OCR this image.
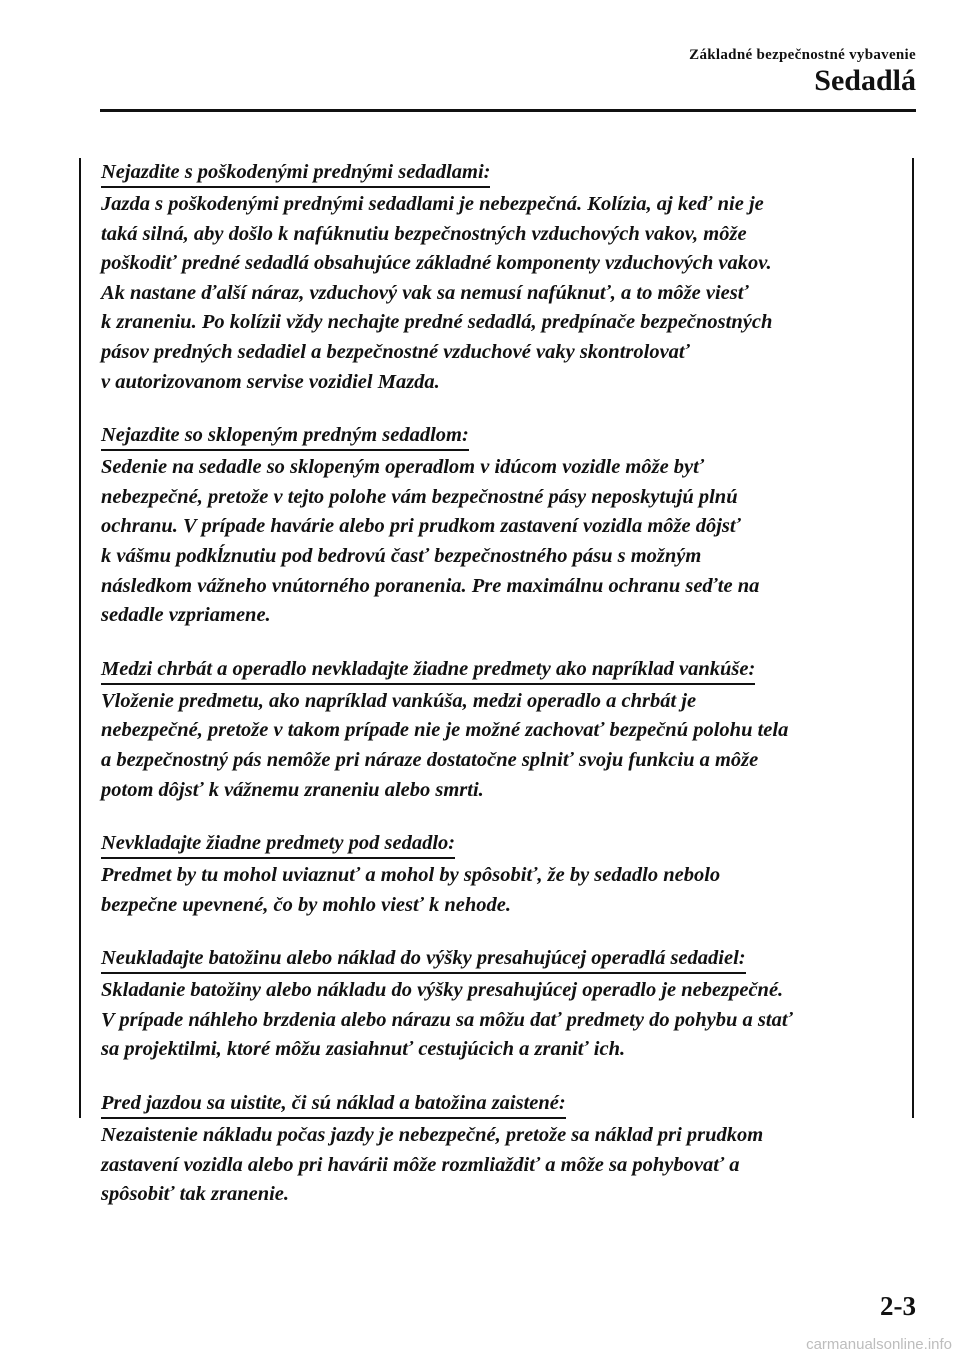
Základné bezpečnostné vybavenie
Sedadlá
Nejazdite s poškodenými prednými sedadlami:

Jazda s poškodenými prednými sedadlami je nebezpečná. Kolízia, aj keď nie je
taká silná, aby došlo k nafúknutiu bezpečnostných vzduchových vakov, môže
poškodiť predné sedadlá obsahujúce základné komponenty vzduchových vakov.
Ak nastane ďalší náraz, vzduchový vak sa nemusí nafúknuť, a to môže viesť
k zraneniu. Po kolízii vždy nechajte predné sedadlá, predpínače bezpečnostných
pásov predných sedadiel a bezpečnostné vzduchové vaky skontrolovať
v autorizovanom servise vozidiel Mazda.

Nejazdite so sklopeným predným sedadlom:

Sedenie na sedadle so sklopeným operadlom v idúcom vozidle môže byť
nebezpečné, pretože v tejto polohe vám bezpečnostné pásy neposkytujú plnú
ochranu. V prípade havárie alebo pri prudkom zastavení vozidla môže dôjsť
k vášmu podkĺznutiu pod bedrovú časť bezpečnostného pásu s možným
následkom vážneho vnútorného poranenia. Pre maximálnu ochranu seďte na
sedadle vzpriamene.

Medzi chrbát a operadlo nevkladajte žiadne predmety ako napríklad vankúše:

Vloženie predmetu, ako napríklad vankúša, medzi operadlo a chrbát je
nebezpečné, pretože v takom prípade nie je možné zachovať bezpečnú polohu tela
a bezpečnostný pás nemôže pri náraze dostatočne splniť svoju funkciu a môže
potom dôjsť k vážnemu zraneniu alebo smrti.

Nevkladajte žiadne predmety pod sedadlo:

Predmet by tu mohol uviaznuť a mohol by spôsobiť, že by sedadlo nebolo
bezpečne upevnené, čo by mohlo viesť k nehode.

Neukladajte batožinu alebo náklad do výšky presahujúcej operadlá sedadiel:

Skladanie batožiny alebo nákladu do výšky presahujúcej operadlo je nebezpečné.
V prípade náhleho brzdenia alebo nárazu sa môžu dať predmety do pohybu a stať
sa projektilmi, ktoré môžu zasiahnuť cestujúcich a zraniť ich.

Pred jazdou sa uistite, či sú náklad a batožina zaistené:

Nezaistenie nákladu počas jazdy je nebezpečné, pretože sa náklad pri prudkom
zastavení vozidla alebo pri havárii môže rozmliaždiť a môže sa pohybovať a
spôsobiť tak zranenie.

2-3
carmanualsonline.info
